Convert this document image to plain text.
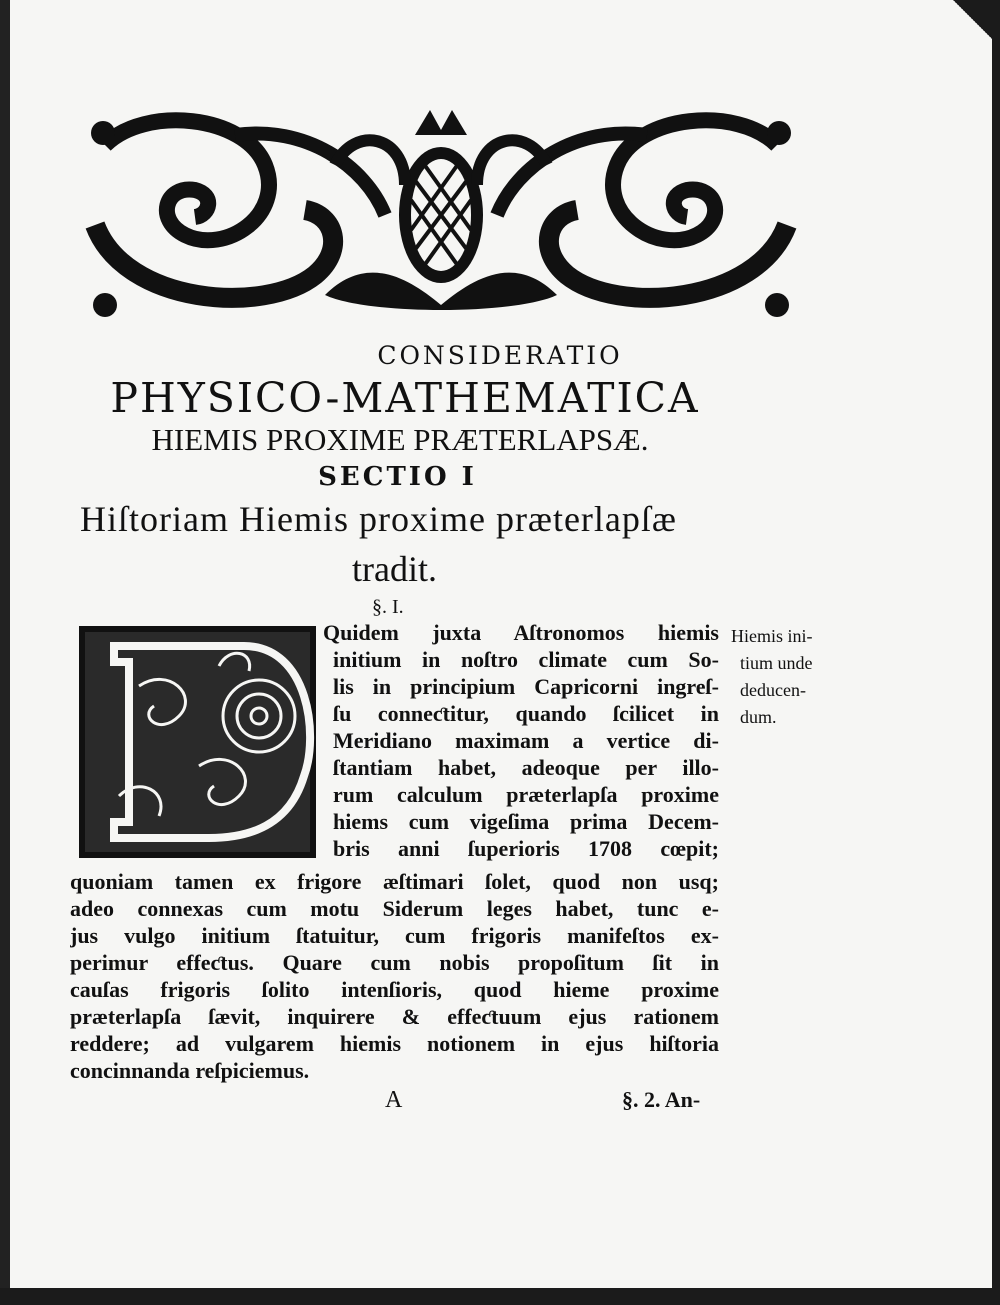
CONSIDERATIO
PHYSICO-MATHEMATICA
HIEMIS PROXIME PRÆTERLAPSÆ.
SECTIO I
Hiſtoriam Hiemis proxime præterlapſæ
tradit.
§. I.
Quidem juxta Aſtronomos hiemis
initium in noſtro climate cum So-
lis in principium Capricorni ingreſ-
ſu conneƈtitur, quando ſcilicet in
Meridiano maximam a vertice di-
ſtantiam habet, adeoque per illo-
rum calculum præterlapſa proxime
hiems cum vigeſima prima Decem-
bris anni ſuperioris 1708 cœpit;
quoniam tamen ex frigore æſtimari ſolet, quod non usq;
adeo connexas cum motu Siderum leges habet, tunc e-
jus vulgo initium ſtatuitur, cum frigoris manifeſtos ex-
perimur effeƈtus. Quare cum nobis propoſitum ſit in
cauſas frigoris ſolito intenſioris, quod hieme proxime
præterlapſa ſævit, inquirere & effeƈtuum ejus rationem
reddere; ad vulgarem hiemis notionem in ejus hiſtoria
concinnanda reſpiciemus.
Hiemis ini-
tium unde
deducen-
dum.
A	§. 2. An-
